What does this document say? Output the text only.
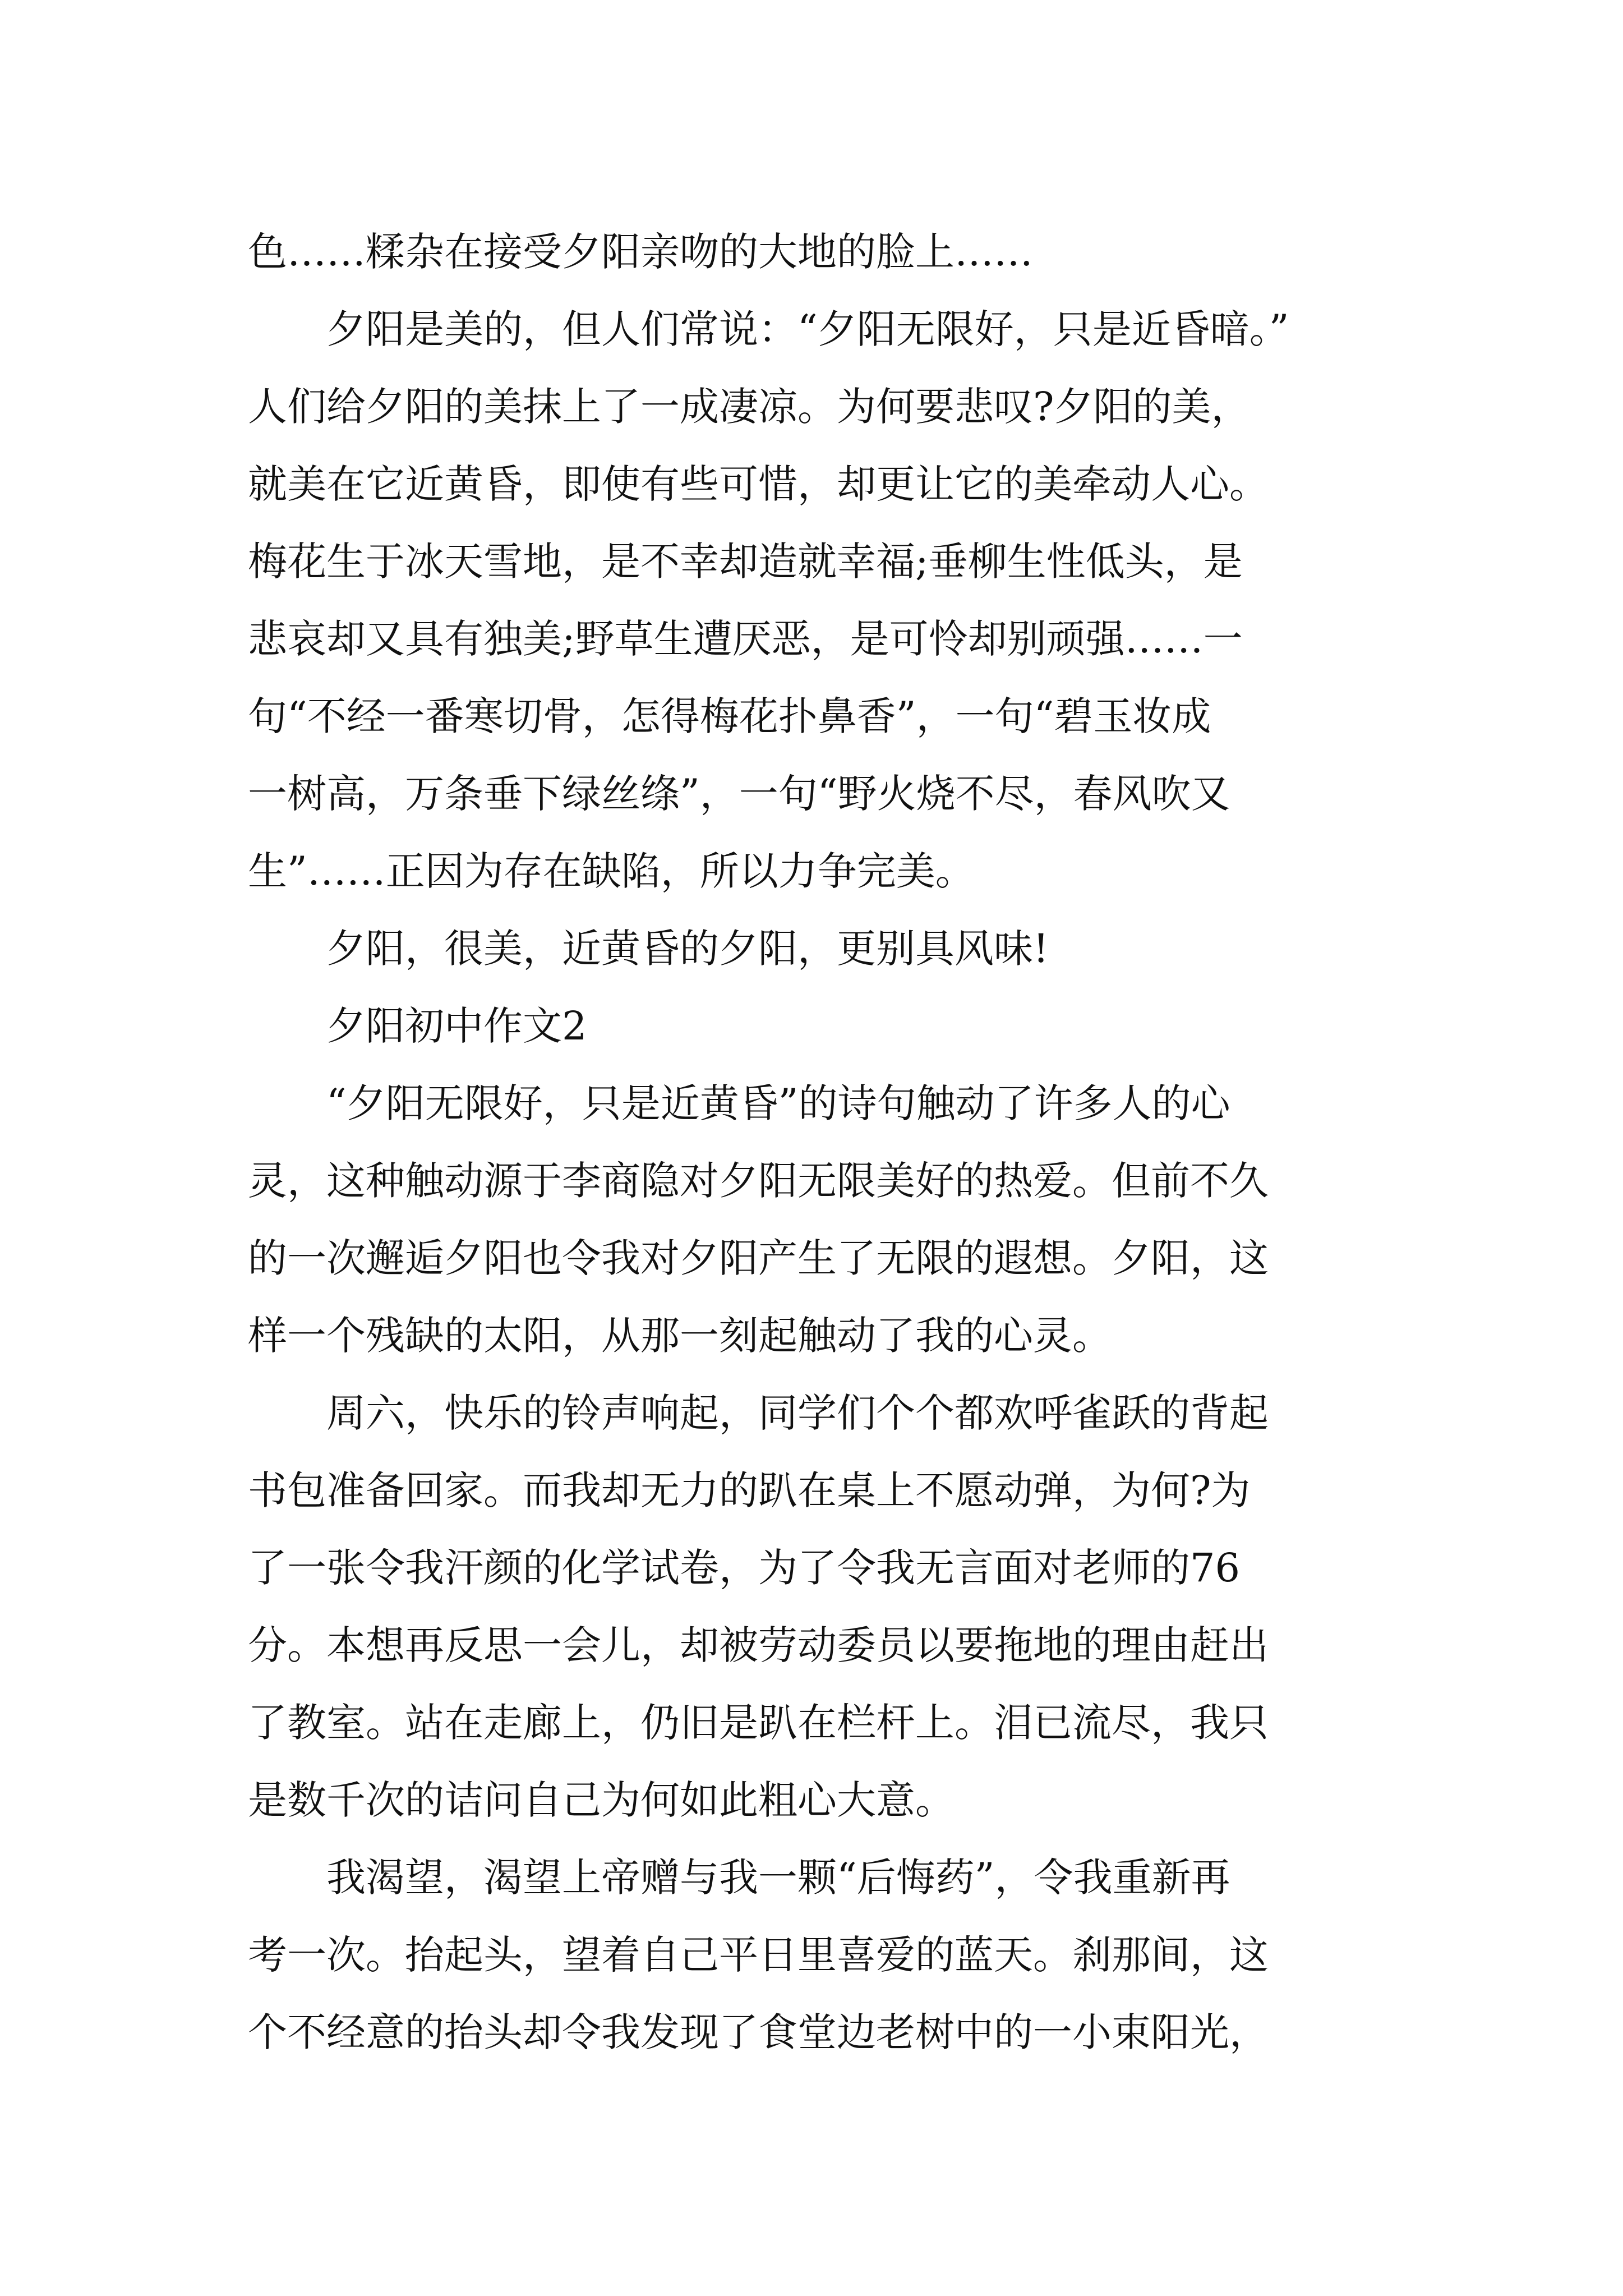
色……糅杂在接受夕阳亲吻的大地的脸上……
夕阳是美的，但人们常说：“夕阳无限好，只是近昏暗。”
人们给夕阳的美抹上了一成凄凉。为何要悲叹?夕阳的美，
就美在它近黄昏，即使有些可惜，却更让它的美牵动人心。
梅花生于冰天雪地，是不幸却造就幸福;垂柳生性低头，是
悲哀却又具有独美;野草生遭厌恶，是可怜却别顽强……一
句“不经一番寒切骨，怎得梅花扑鼻香”，一句“碧玉妆成
一树高，万条垂下绿丝绦”，一句“野火烧不尽，春风吹又
生”……正因为存在缺陷，所以力争完美。
夕阳，很美，近黄昏的夕阳，更别具风味!
夕阳初中作文2
“夕阳无限好，只是近黄昏”的诗句触动了许多人的心
灵，这种触动源于李商隐对夕阳无限美好的热爱。但前不久
的一次邂逅夕阳也令我对夕阳产生了无限的遐想。夕阳，这
样一个残缺的太阳，从那一刻起触动了我的心灵。
周六，快乐的铃声响起，同学们个个都欢呼雀跃的背起
书包准备回家。而我却无力的趴在桌上不愿动弹，为何?为
了一张令我汗颜的化学试卷，为了令我无言面对老师的76
分。本想再反思一会儿，却被劳动委员以要拖地的理由赶出
了教室。站在走廊上，仍旧是趴在栏杆上。泪已流尽，我只
是数千次的诘问自己为何如此粗心大意。
我渴望，渴望上帝赠与我一颗“后悔药”，令我重新再
考一次。抬起头，望着自己平日里喜爱的蓝天。刹那间，这
个不经意的抬头却令我发现了食堂边老树中的一小束阳光，
